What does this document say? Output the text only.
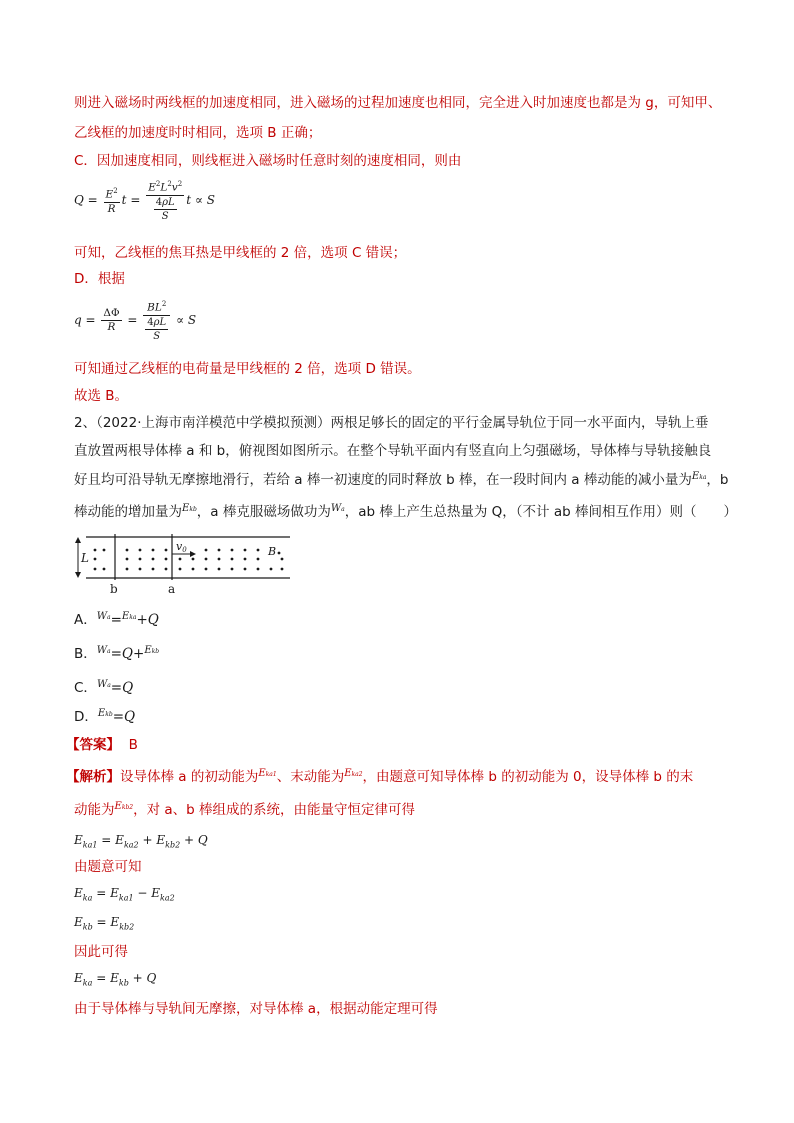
则进入磁场时两线框的加速度相同，进入磁场的过程加速度也相同，完全进入时加速度也都是为 g，可知甲、
乙线框的加速度时时相同，选项 B 正确；
C．因加速度相同，则线框进入磁场时任意时刻的速度相同，则由
$Q = \frac{E^2}{R}$ $t = \frac{E^2L^2v^2}{\frac{4\rho L}{S}}$ t ∝ S
可知，乙线框的焦耳热是甲线框的 2 倍，选项 C 错误；
D．根据
$q = \frac{\Delta\Phi}{R} = \frac{BL^2}{\frac{4\rho L}{S}} \propto S$
可知通过乙线框的电荷量是甲线框的 2 倍，选项 D 错误。
故选 B。
2、（2022·上海市南洋模范中学模拟预测）两根足够长的固定的平行金属导轨位于同一水平面内，导轨上垂
直放置两根导体棒 a 和 b，俯视图如图所示。在整个导轨平面内有竖直向上匀强磁场，导体棒与导轨接触良
好且均可沿导轨无摩擦地滑行，若给 a 棒一初速度的同时释放 b 棒，在一段时间内 a 棒动能的减小量为$^{Eka}$，b
棒动能的增加量为$^{Ekb}$，a 棒克服磁场做功为$^{Wa}$，ab 棒上产生总热量为 Q，（不计 ab 棒间相互作用）则（　　）
L
v0	B
b	a
A．$^{Wa}$=$^{Eka}$+Q
B．$^{Wa}$=Q+$^{Ekb}$
C．$^{Wa}$=Q
D．$^{Ekb}$=Q
【答案】 B
【解析】设导体棒 a 的初动能为$^{Eka1}$、末动能为$^{Eka2}$，由题意可知导体棒 b 的初动能为 0，设导体棒 b 的末
动能为$^{Ekb2}$，对 a、b 棒组成的系统，由能量守恒定律可得
$E_{ka1} = E_{ka2} + E_{kb2} + Q$
由题意可知
$E_{ka} = E_{ka1} - E_{ka2}$
$E_{kb} = E_{kb2}$
因此可得
$E_{ka} = E_{kb} + Q$
由于导体棒与导轨间无摩擦，对导体棒 a，根据动能定理可得
